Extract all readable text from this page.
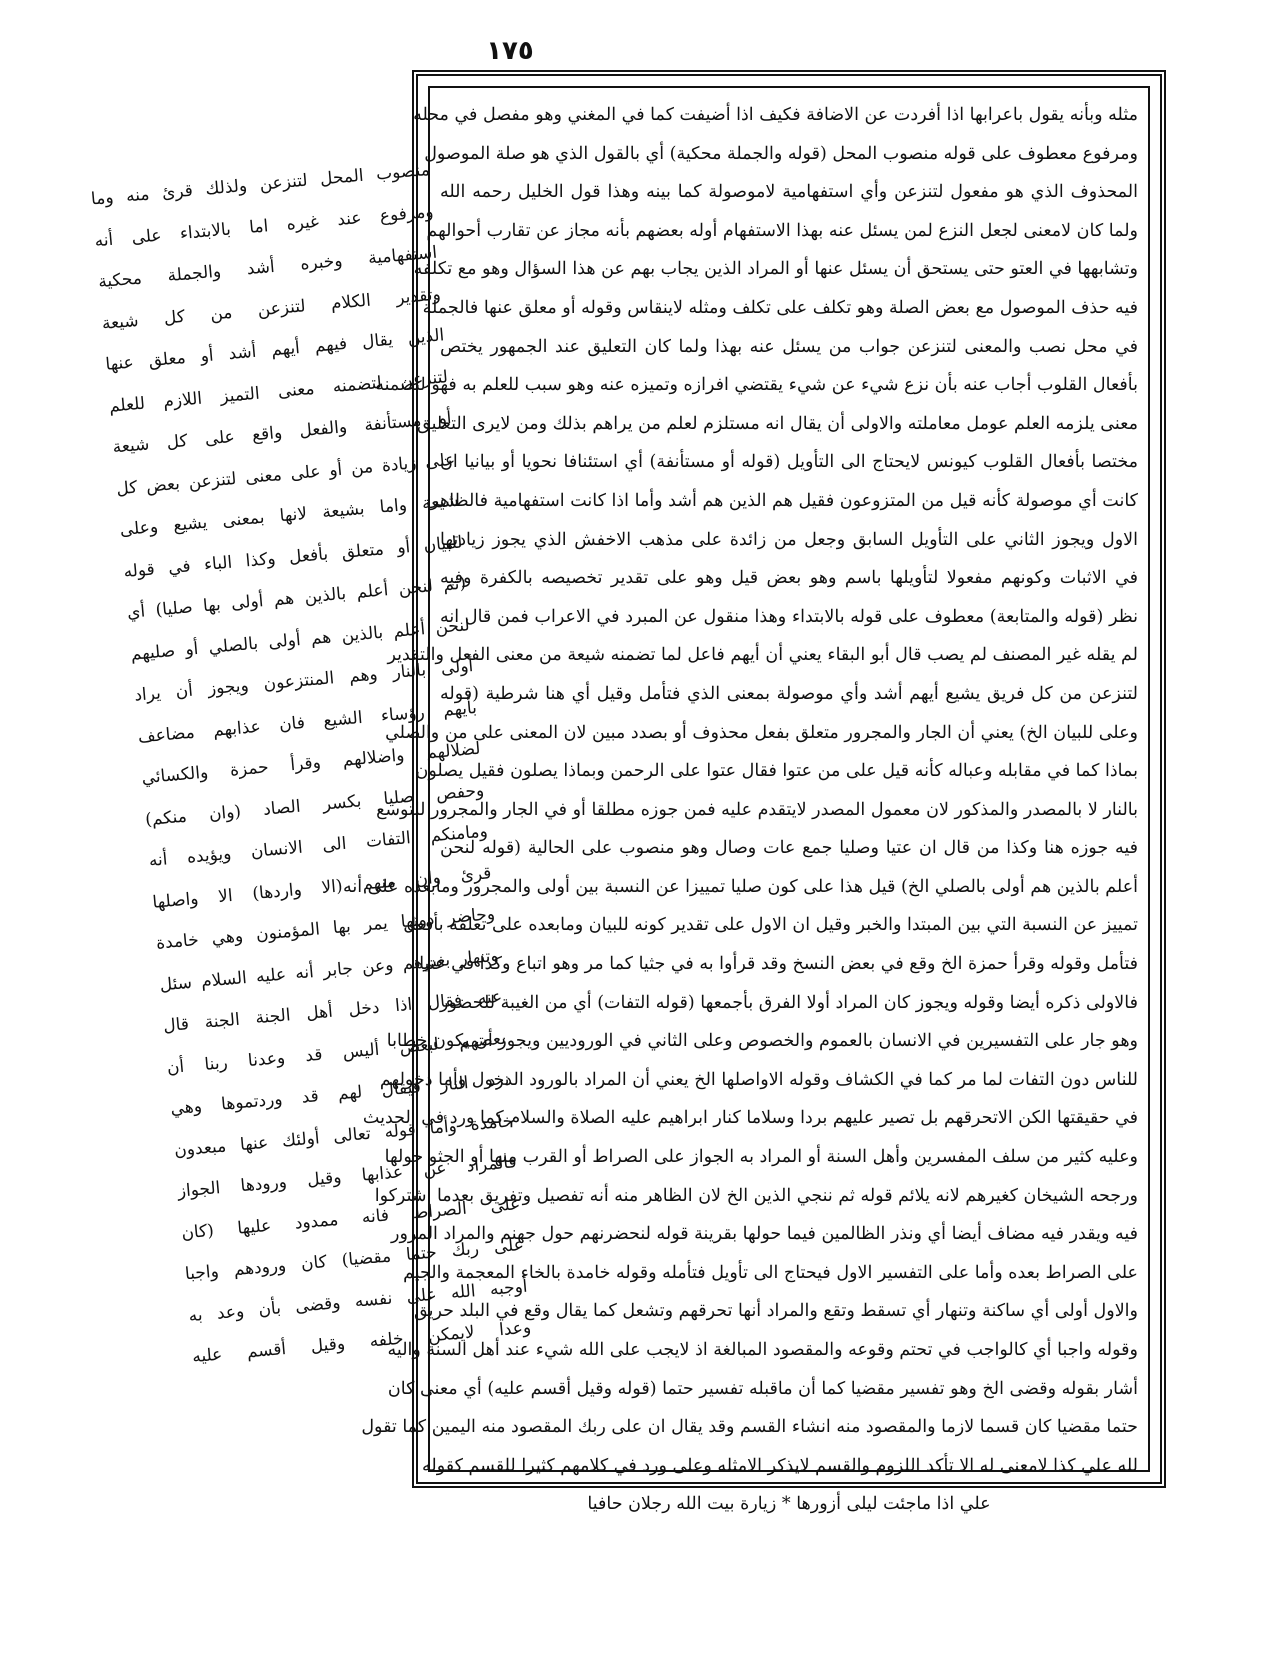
١٧٥
منصوب المحل لتنزعن ولذلك قرئ منه وما
ومرفوع عند غيره اما بالابتداء على أنه
استفهامية وخبره أشد والجملة محكية
وتقدير الكلام لتنزعن من كل شيعة
الذين يقال فيهم أيهم أشد أو معلق عنها
لتنزعن لتضمنه معنى التميز اللازم للعلم
أو مستأنفة والفعل واقع على كل شيعة
على زيادة من أو على معنى لتنزعن بعض كل
شيعة واما بشيعة لانها بمعنى يشيع وعلى
للبيان أو متعلق بأفعل وكذا الباء في قوله
(ثم لنحن أعلم بالذين هم أولى بها صليا) أي
لنحن أعلم بالذين هم أولى بالصلي أو صليهم
أولى بالنار وهم المنتزعون ويجوز أن يراد
بأيهم رؤساء الشيع فان عذابهم مضاعف
لضلالهم واضلالهم وقرأ حمزة والكسائي
وحفص صليا بكسر الصاد (وان منكم)
ومامنكم التفات الى الانسان ويؤيده أنه
قرئ وان منهم (الا واردها) الا واصلها
وحاضر دونها يمر بها المؤمنون وهي خامدة
وتنهار بغيرهم وعن جابر أنه عليه السلام سئل
عنه فقال اذا دخل أهل الجنة الجنة قال
بعضهم لبعض أليس قد وعدنا ربنا أن
نرد النار فيقال لهم قد وردتموها وهي
خامدة وأما قوله تعالى أولئك عنها مبعدون
فالمراد عن عذابها وقيل ورودها الجواز
على الصراط فانه ممدود عليها (كان
على ربك حتما مقضيا) كان ورودهم واجبا
أوجبه الله على نفسه وقضى بأن وعد به
وعدا لايمكن خلفه وقيل أقسم عليه
مثله وبأنه يقول باعرابها اذا أفردت عن الاضافة فكيف اذا أضيفت كما في المغني وهو مفصل في محله
ومرفوع معطوف على قوله منصوب المحل (قوله والجملة محكية) أي بالقول الذي هو صلة الموصول
المحذوف الذي هو مفعول لتنزعن وأي استفهامية لاموصولة كما بينه وهذا قول الخليل رحمه الله
ولما كان لامعنى لجعل النزع لمن يسئل عنه بهذا الاستفهام أوله بعضهم بأنه مجاز عن تقارب أحوالهم
وتشابهها في العتو حتى يستحق أن يسئل عنها أو المراد الذين يجاب بهم عن هذا السؤال وهو مع تكلفه
فيه حذف الموصول مع بعض الصلة وهو تكلف على تكلف ومثله لاينقاس وقوله أو معلق عنها فالجملة
في محل نصب والمعنى لتنزعن جواب من يسئل عنه بهذا ولما كان التعليق عند الجمهور يختص
بأفعال القلوب أجاب عنه بأن نزع شيء عن شيء يقتضي افرازه وتميزه عنه وهو سبب للعلم به فهو لتضمنه
معنى يلزمه العلم عومل معاملته والاولى أن يقال انه مستلزم لعلم من يراهم بذلك ومن لايرى التعليق
مختصا بأفعال القلوب كيونس لايحتاج الى التأويل (قوله أو مستأنفة) أي استئنافا نحويا أو بيانيا ان
كانت أي موصولة كأنه قيل من المتزوعون فقيل هم الذين هم أشد وأما اذا كانت استفهامية فالظاهر
الاول ويجوز الثاني على التأويل السابق وجعل من زائدة على مذهب الاخفش الذي يجوز زيادتها
في الاثبات وكونهم مفعولا لتأويلها باسم وهو بعض قيل وهو على تقدير تخصيصه بالكفرة وفيه
نظر (قوله والمتابعة) معطوف على قوله بالابتداء وهذا منقول عن المبرد في الاعراب فمن قال انه
لم يقله غير المصنف لم يصب قال أبو البقاء يعني أن أيهم فاعل لما تضمنه شيعة من معنى الفعل والتقدير
لتنزعن من كل فريق يشيع أيهم أشد وأي موصولة بمعنى الذي فتأمل وقيل أي هنا شرطية (قوله
وعلى للبيان الخ) يعني أن الجار والمجرور متعلق بفعل محذوف أو بصدد مبين لان المعنى على من والصلي
بماذا كما في مقابله وعباله كأنه قيل على من عتوا فقال عتوا على الرحمن وبماذا يصلون فقيل يصلون
بالنار لا بالمصدر والمذكور لان معمول المصدر لايتقدم عليه فمن جوزه مطلقا أو في الجار والمجرور للتوسع
فيه جوزه هنا وكذا من قال ان عتيا وصليا جمع عات وصال وهو منصوب على الحالية (قوله لنحن
أعلم بالذين هم أولى بالصلي الخ) قيل هذا على كون صليا تمييزا عن النسبة بين أولى والمجرور ومابعده على أنه
تمييز عن النسبة التي بين المبتدا والخبر وقيل ان الاول على تقدير كونه للبيان ومابعده على تعلقه بأفعل
فتأمل وقوله وقرأ حمزة الخ وقع في بعض النسخ وقد قرأوا به في جثيا كما مر وهو اتباع وكذا في عتيا
فالاولى ذكره أيضا وقوله ويجوز كان المراد أولا الفرق بأجمعها (قوله التفات) أي من الغيبة للحضور
وهو جار على التفسيرين في الانسان بالعموم والخصوص وعلى الثاني في الوروديين ويجوز أن يكون خطابا
للناس دون التفات لما مر كما في الكشاف وقوله الاواصلها الخ يعني أن المراد بالورود الدخول وأما دخولهم
في حقيقتها الكن الاتحرقهم بل تصير عليهم بردا وسلاما كنار ابراهيم عليه الصلاة والسلام كما ورد في الحديث
وعليه كثير من سلف المفسرين وأهل السنة أو المراد به الجواز على الصراط أو القرب منها أو الجثو حولها
ورجحه الشيخان كغيرهم لانه يلائم قوله ثم ننجي الذين الخ لان الظاهر منه أنه تفصيل وتفريق بعدما اشتركوا
فيه ويقدر فيه مضاف أيضا أي ونذر الظالمين فيما حولها بقرينة قوله لنحضرنهم حول جهنم والمراد المرور
على الصراط بعده وأما على التفسير الاول فيحتاج الى تأويل فتأمله وقوله خامدة بالخاء المعجمة والجيم
والاول أولى أي ساكنة وتنهار أي تسقط وتقع والمراد أنها تحرقهم وتشعل كما يقال وقع في البلد حريق
وقوله واجبا أي كالواجب في تحتم وقوعه والمقصود المبالغة اذ لايجب على الله شيء عند أهل السنة واليه
أشار بقوله وقضى الخ وهو تفسير مقضيا كما أن ماقبله تفسير حتما (قوله وقيل أقسم عليه) أي معنى كان
حتما مقضيا كان قسما لازما والمقصود منه انشاء القسم وقد يقال ان على ربك المقصود منه اليمين كما تقول
لله علي كذا لامعنى له الا تأكد اللزوم والقسم لايذكر الامثله وعلى ورد في كلامهم كثيرا للقسم كقوله
علي اذا ماجئت ليلى أزورها * زيارة بيت الله رجلان حافيا
